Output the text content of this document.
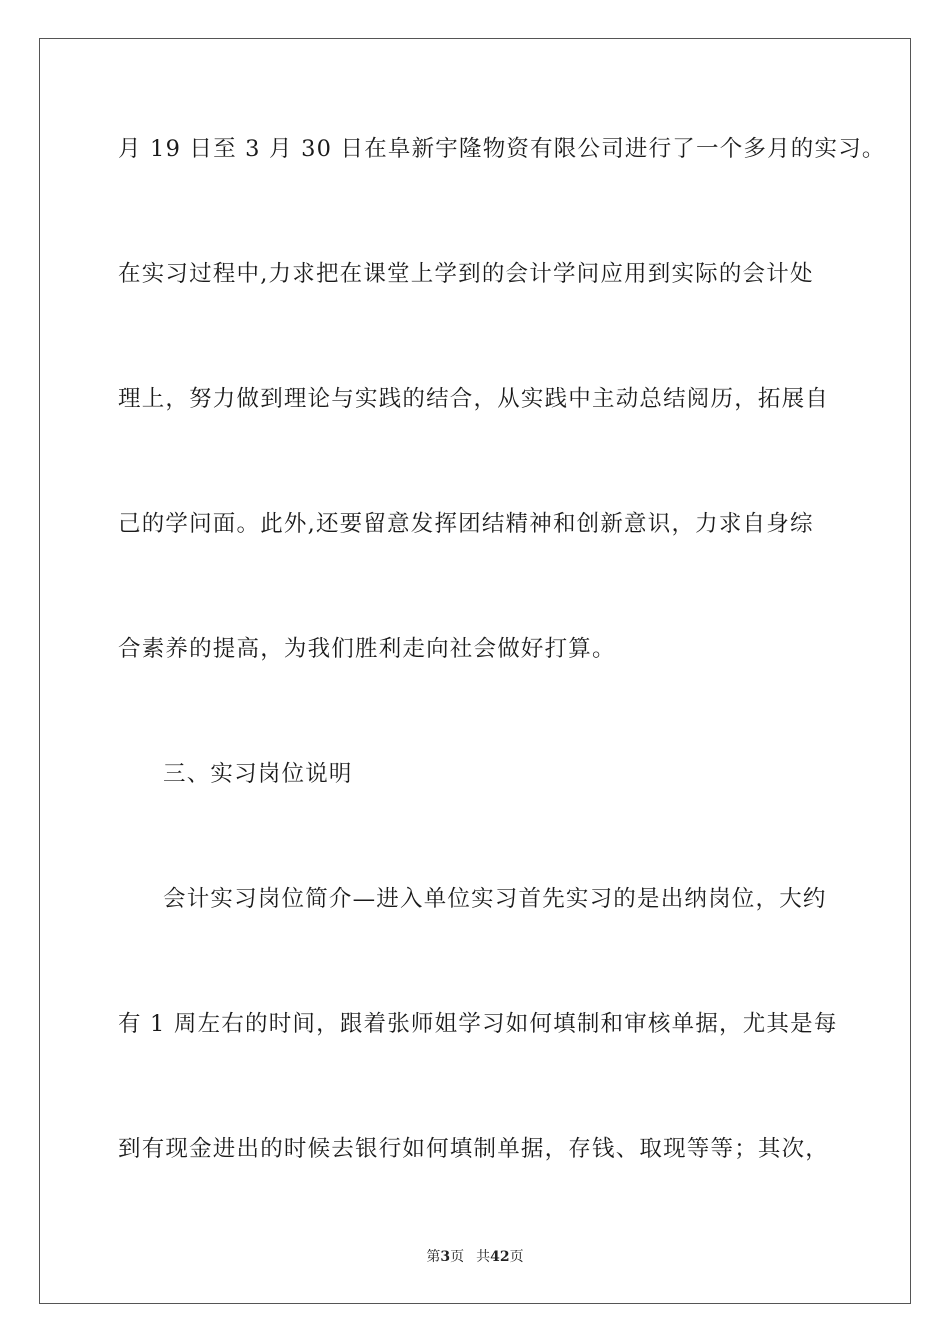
月 19 日至 3 月 30 日在阜新宇隆物资有限公司进行了一个多月的实习。
在实习过程中,力求把在课堂上学到的会计学问应用到实际的会计处
理上，努力做到理论与实践的结合，从实践中主动总结阅历，拓展自
己的学问面。此外,还要留意发挥团结精神和创新意识，力求自身综
合素养的提高，为我们胜利走向社会做好打算。
三、实习岗位说明
会计实习岗位简介—进入单位实习首先实习的是出纳岗位，大约
有 1 周左右的时间，跟着张师姐学习如何填制和审核单据，尤其是每
到有现金进出的时候去银行如何填制单据，存钱、取现等等；其次，
第3页 共42页
